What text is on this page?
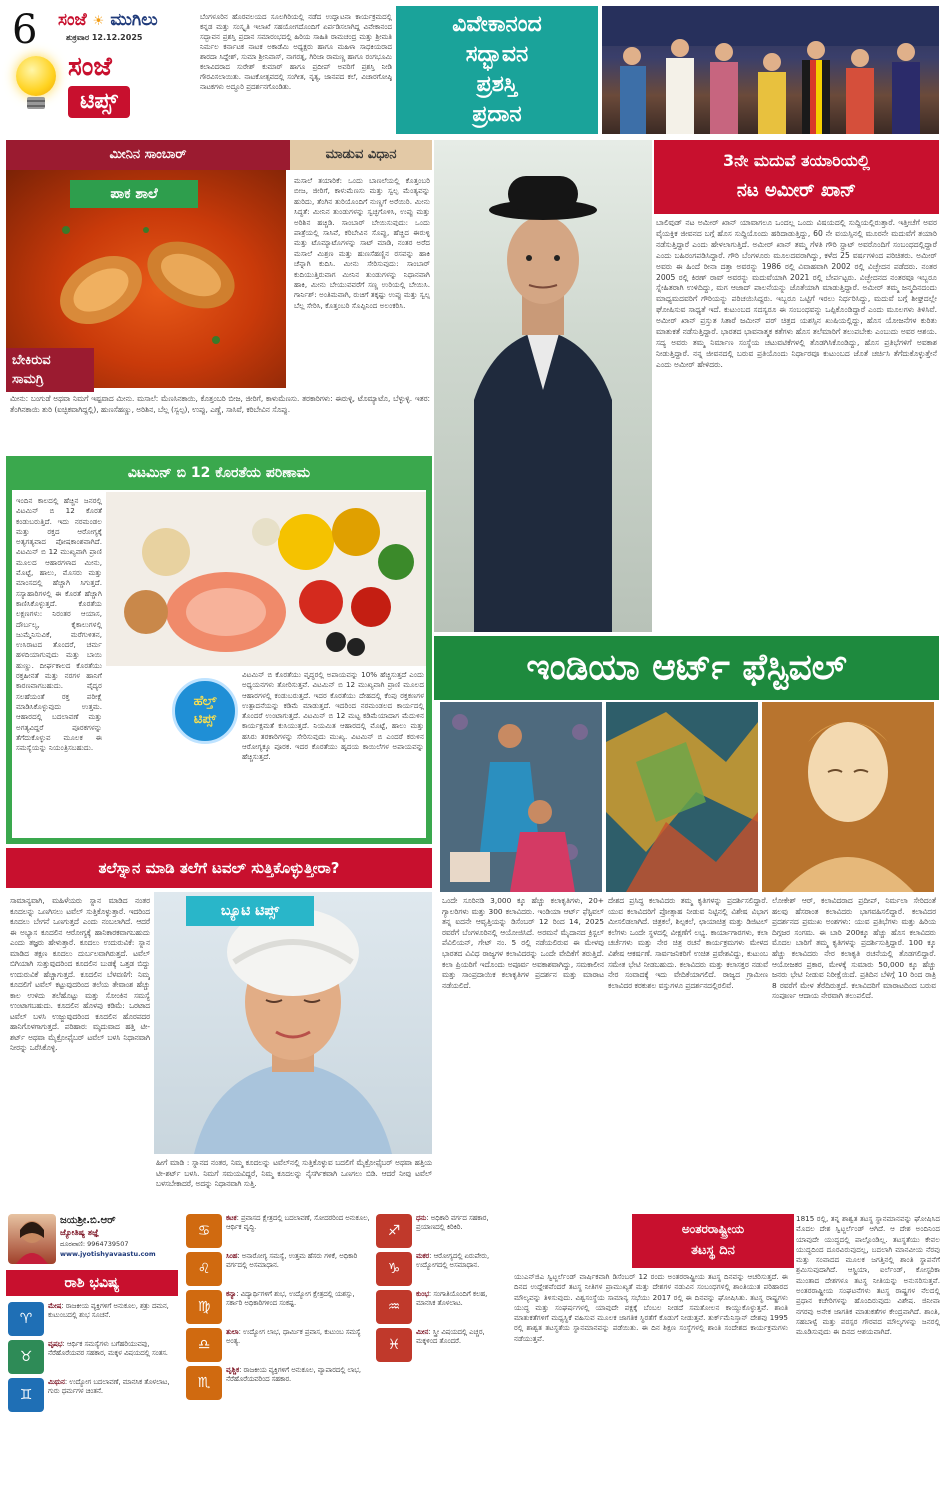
6 ಸಂಜೆ ☀ ಮುಗಿಲು
ಶುಕ್ರವಾರ 12.12.2025
ಸಂಜೆ
ಟಿಪ್ಸ್
ಬೆಂಗಳೂರಿನ ಹೊರವಲಯದ ಸೂಲಗಿರಿಯಲ್ಲಿ ನಡೆದ ಉದ್ಘಾಟನಾ ಕಾರ್ಯಕ್ರಮದಲ್ಲಿ ಕನ್ನಡ ಮತ್ತು ಸಂಸ್ಕೃತಿ ಇಲಾಖೆ ಸಹಯೋಗದೊಂದಿಗೆ ಏರ್ಪಡಿಸಲಾಗಿದ್ದ ವಿವೇಕಾನಂದ ಸದ್ಭಾವನ ಪ್ರಶಸ್ತಿ ಪ್ರದಾನ ಸಮಾರಂಭದಲ್ಲಿ ಹಿರಿಯ ಸಾಹಿತಿ ರಾಮಚಂದ್ರ ಮತ್ತು ಶ್ರೀಮತಿ ನಿರ್ಮಲ ಕರ್ನಾಟಕ ನಾಟಕ ಅಕಾಡೆಮಿ ಅಧ್ಯಕ್ಷರು ಹಾಗೂ ಮಹಿಳಾ ಸಾಧಕಿಯರಾದ ಶಾರದಾ ಸಿದ್ದೇಶ್, ಸುಮಾ ಶ್ರೀನಿವಾಸ್, ನಾಗರತ್ನ, ಗಿರಿಜಾ ರಾಮಣ್ಣ ಹಾಗೂ ರಂಗಭೂಮಿ ಕಲಾವಿದರಾದ ಸುರೇಶ್ ಕುಮಾರ್ ಹಾಗೂ ಪ್ರದೀಪ್ ಅವರಿಗೆ ಪ್ರಶಸ್ತಿ ನೀಡಿ ಗೌರವಿಸಲಾಯಿತು. ನಾಟಕೋತ್ಸವದಲ್ಲಿ ಸಂಗೀತ, ನೃತ್ಯ, ಜಾನಪದ ಕಲೆ, ವಿಚಾರಗೋಷ್ಠಿ ನಾಟಕಗಳು ಅದ್ಧೂರಿ ಪ್ರದರ್ಶನಗೊಂಡಿತು.
ವಿವೇಕಾನಂದ
ಸದ್ಭಾವನ
ಪ್ರಶಸ್ತಿ
ಪ್ರದಾನ
ಮೀನಿನ ಸಾಂಬಾರ್	ಮಾಡುವ ವಿಧಾನ
ಪಾಕ ಶಾಲೆ
ಬೇಕಿರುವ
ಸಾಮಗ್ರಿ
ಮಸಾಲೆ ತಯಾರಿಕೆ: ಒಂದು ಬಾಣಲೆಯಲ್ಲಿ ಕೊತ್ತಂಬರಿ ಬೀಜ, ಜೀರಿಗೆ, ಕಾಳುಮೆಣಸು ಮತ್ತು ಸ್ವಲ್ಪ ಮೆಂತ್ಯವನ್ನು ಹುರಿದು, ತೆಂಗಿನ ತುರಿಯೊಂದಿಗೆ ನುಣ್ಣಗೆ ಅರೆಯಿರಿ. ಮೀನು ಸಿದ್ಧತೆ: ಮೀನಿನ ತುಂಡುಗಳನ್ನು ಸ್ವಚ್ಛಗೊಳಿಸಿ, ಉಪ್ಪು ಮತ್ತು ಅರಿಶಿನ ಹಚ್ಚಿಡಿ. ಸಾಂಬಾರ್ ಬೇಯಿಸುವುದು: ಒಂದು ಪಾತ್ರೆಯಲ್ಲಿ ಸಾಸಿವೆ, ಕರಿಬೇವಿನ ಸೊಪ್ಪು, ಹೆಚ್ಚಿದ ಈರುಳ್ಳಿ ಮತ್ತು ಟೊಮ್ಯಾಟೊಗಳನ್ನು ಸಾಟ್ ಮಾಡಿ, ನಂತರ ಅರೆದ ಮಸಾಲೆ ಮಿಶ್ರಣ ಮತ್ತು ಹುಣಸೆಹಣ್ಣಿನ ರಸವನ್ನು ಹಾಕಿ ಚೆನ್ನಾಗಿ ಕುದಿಸಿ. ಮೀನು ಸೇರಿಸುವುದು: ಸಾಂಬಾರ್ ಕುದಿಯುತ್ತಿರುವಾಗ ಮೀನಿನ ತುಂಡುಗಳನ್ನು ನಿಧಾನವಾಗಿ ಹಾಕಿ, ಮೀನು ಬೇಯುವವರೆಗೆ ಸಣ್ಣ ಉರಿಯಲ್ಲಿ ಬೇಯಿಸಿ. ಗಾರ್ನಿಶ್: ಅಂತಿಮವಾಗಿ, ರುಚಿಗೆ ತಕ್ಕಷ್ಟು ಉಪ್ಪು ಮತ್ತು ಸ್ವಲ್ಪ ಬೆಲ್ಲ ಸೇರಿಸಿ, ಕೊತ್ತಂಬರಿ ಸೊಪ್ಪಿನಿಂದ ಅಲಂಕರಿಸಿ.
ಮೀನು: ಬಂಗುಡೆ ಅಥವಾ ನಿಮಗೆ ಇಷ್ಟವಾದ ಮೀನು. ಮಸಾಲೆ: ಮೆಣಸಿನಕಾಯಿ, ಕೊತ್ತಂಬರಿ ಬೀಜ, ಜೀರಿಗೆ, ಕಾಳುಮೆಣಸು. ತರಕಾರಿಗಳು: ಈರುಳ್ಳಿ, ಟೊಮ್ಯಾಟೊ, ಬೆಳ್ಳುಳ್ಳಿ. ಇತರ: ತೆಂಗಿನಕಾಯಿ ತುರಿ (ಐಚ್ಛಿಕವಾಗಿದ್ದಲ್ಲಿ), ಹುಣಸೆಹಣ್ಣು, ಅರಿಶಿನ, ಬೆಲ್ಲ (ಸ್ವಲ್ಪ), ಉಪ್ಪು, ಎಣ್ಣೆ, ಸಾಸಿವೆ, ಕರಿಬೇವಿನ ಸೊಪ್ಪು.
3ನೇ ಮದುವೆ ತಯಾರಿಯಲ್ಲಿ
ನಟ ಅಮೀರ್ ಖಾನ್
ಬಾಲಿವುಡ್ ನಟ ಅಮೀರ್ ಖಾನ್ ಯಾವಾಗಲೂ ಒಂದಲ್ಲ ಒಂದು ವಿಷಯದಲ್ಲಿ ಸುದ್ದಿಯಲ್ಲಿರುತ್ತಾರೆ. ಇತ್ತೀಚೆಗೆ ಅವರ ವೈಯಕ್ತಿಕ ಜೀವನದ ಬಗ್ಗೆ ಹೊಸ ಸುದ್ದಿಯೊಂದು ಹರಿದಾಡುತ್ತಿದ್ದು, 60 ನೇ ವಯಸ್ಸಿನಲ್ಲಿ ಮೂರನೇ ಮದುವೆಗೆ ತಯಾರಿ ನಡೆಸುತ್ತಿದ್ದಾರೆ ಎಂದು ಹೇಳಲಾಗುತ್ತಿದೆ. ಅಮೀರ್ ಖಾನ್ ತಮ್ಮ ಗೆಳತಿ ಗೌರಿ ಸ್ಪ್ರಾಟ್ ಅವರೊಂದಿಗೆ ಸಂಬಂಧದಲ್ಲಿದ್ದಾರೆ ಎಂದು ಬಹಿರಂಗಪಡಿಸಿದ್ದಾರೆ. ಗೌರಿ ಬೆಂಗಳೂರು ಮೂಲದವರಾಗಿದ್ದು, ಕಳೆದ 25 ವರ್ಷಗಳಿಂದ ಪರಿಚಿತರು. ಅಮೀರ್ ಅವರು ಈ ಹಿಂದೆ ರೀನಾ ದತ್ತಾ ಅವರನ್ನು 1986 ರಲ್ಲಿ ವಿವಾಹವಾಗಿ 2002 ರಲ್ಲಿ ವಿಚ್ಛೇದನ ಪಡೆದರು. ನಂತರ 2005 ರಲ್ಲಿ ಕಿರಣ್ ರಾವ್ ಅವರನ್ನು ಮದುವೆಯಾಗಿ 2021 ರಲ್ಲಿ ಬೇರ್ಪಟ್ಟರು. ವಿಚ್ಛೇದನದ ನಂತರವೂ ಇಬ್ಬರೂ ಸ್ನೇಹಿತರಾಗಿ ಉಳಿದಿದ್ದು, ಮಗ ಆಜಾದ್ ಪಾಲನೆಯನ್ನು ಜೊತೆಯಾಗಿ ಮಾಡುತ್ತಿದ್ದಾರೆ. ಅಮೀರ್ ತಮ್ಮ ಜನ್ಮದಿನದಂದು ಮಾಧ್ಯಮದವರಿಗೆ ಗೌರಿಯನ್ನು ಪರಿಚಯಿಸಿದ್ದರು. ಇಬ್ಬರೂ ಒಟ್ಟಿಗೆ ಇರಲು ನಿರ್ಧರಿಸಿದ್ದು, ಮದುವೆ ಬಗ್ಗೆ ಶೀಘ್ರದಲ್ಲೇ ಘೋಷಿಸುವ ಸಾಧ್ಯತೆ ಇದೆ. ಕುಟುಂಬದ ಸದಸ್ಯರೂ ಈ ಸಂಬಂಧವನ್ನು ಒಪ್ಪಿಕೊಂಡಿದ್ದಾರೆ ಎಂದು ಮೂಲಗಳು ತಿಳಿಸಿವೆ. ಅಮೀರ್ ಖಾನ್ ಪ್ರಸ್ತುತ ಸಿತಾರೆ ಜಮೀನ್ ಪರ್ ಚಿತ್ರದ ಯಶಸ್ಸಿನ ಖುಷಿಯಲ್ಲಿದ್ದು, ಹೊಸ ಯೋಜನೆಗಳ ಕುರಿತು ಮಾತುಕತೆ ನಡೆಸುತ್ತಿದ್ದಾರೆ. ಭಾರತದ ಭಾವನಾತ್ಮಕ ಕತೆಗಳು ಹೊಸ ತಲೆಮಾರಿಗೆ ತಲುಪಬೇಕು ಎಂಬುದು ಅವರ ಆಶಯ. ಸದ್ಯ ಅವರು ತಮ್ಮ ನಿರ್ಮಾಣ ಸಂಸ್ಥೆಯ ಚಟುವಟಿಕೆಗಳಲ್ಲಿ ತೊಡಗಿಸಿಕೊಂಡಿದ್ದು, ಹೊಸ ಪ್ರತಿಭೆಗಳಿಗೆ ಅವಕಾಶ ನೀಡುತ್ತಿದ್ದಾರೆ. ನನ್ನ ಜೀವನದಲ್ಲಿ ಬರುವ ಪ್ರತಿಯೊಂದು ನಿರ್ಧಾರವೂ ಕುಟುಂಬದ ಜೊತೆ ಚರ್ಚಿಸಿ ತೆಗೆದುಕೊಳ್ಳುತ್ತೇನೆ ಎಂದು ಅಮೀರ್ ಹೇಳಿದರು.
ವಿಟಮಿನ್ ಬಿ 12 ಕೊರತೆಯ ಪರಿಣಾಮ
ಇಂದಿನ ಕಾಲದಲ್ಲಿ ಹೆಚ್ಚಿನ ಜನರಲ್ಲಿ ವಿಟಮಿನ್ ಬಿ 12 ಕೊರತೆ ಕಂಡುಬರುತ್ತಿದೆ. ಇದು ನರಮಂಡಲ ಮತ್ತು ರಕ್ತದ ಆರೋಗ್ಯಕ್ಕೆ ಅತ್ಯಗತ್ಯವಾದ ಪೋಷಕಾಂಶವಾಗಿದೆ. ವಿಟಮಿನ್ ಬಿ 12 ಮುಖ್ಯವಾಗಿ ಪ್ರಾಣಿ ಮೂಲದ ಆಹಾರಗಳಾದ ಮೀನು, ಮೊಟ್ಟೆ, ಹಾಲು, ಮೊಸರು ಮತ್ತು ಮಾಂಸದಲ್ಲಿ ಹೆಚ್ಚಾಗಿ ಸಿಗುತ್ತದೆ. ಸಸ್ಯಾಹಾರಿಗಳಲ್ಲಿ ಈ ಕೊರತೆ ಹೆಚ್ಚಾಗಿ ಕಾಣಿಸಿಕೊಳ್ಳುತ್ತದೆ. ಕೊರತೆಯ ಲಕ್ಷಣಗಳು: ನಿರಂತರ ಆಯಾಸ, ದೌರ್ಬಲ್ಯ, ಕೈಕಾಲುಗಳಲ್ಲಿ ಜುಮ್ಮೆನಿಸುವಿಕೆ, ಮರೆಗುಳಿತನ, ಉಸಿರಾಟದ ತೊಂದರೆ, ಚರ್ಮ ಹಳದಿಯಾಗುವುದು ಮತ್ತು ಬಾಯಿ ಹುಣ್ಣು. ದೀರ್ಘಕಾಲದ ಕೊರತೆಯು ರಕ್ತಹೀನತೆ ಮತ್ತು ನರಗಳ ಹಾನಿಗೆ ಕಾರಣವಾಗಬಹುದು. ವೈದ್ಯರ ಸಲಹೆಯಂತೆ ರಕ್ತ ಪರೀಕ್ಷೆ ಮಾಡಿಸಿಕೊಳ್ಳುವುದು ಉತ್ತಮ. ಆಹಾರದಲ್ಲಿ ಬದಲಾವಣೆ ಮತ್ತು ಅಗತ್ಯವಿದ್ದರೆ ಪೂರಕಗಳನ್ನು ತೆಗೆದುಕೊಳ್ಳುವ ಮೂಲಕ ಈ ಸಮಸ್ಯೆಯನ್ನು ನಿಯಂತ್ರಿಸಬಹುದು.
ಹೆಲ್ತ್
ಟಿಪ್ಸ್
ವಿಟಮಿನ್ ಬಿ ಕೊರತೆಯು ವೃದ್ಧರಲ್ಲಿ ಅಪಾಯವನ್ನು 10% ಹೆಚ್ಚಿಸುತ್ತದೆ ಎಂದು ಅಧ್ಯಯನಗಳು ತೋರಿಸುತ್ತವೆ. ವಿಟಮಿನ್ ಬಿ 12 ಮುಖ್ಯವಾಗಿ ಪ್ರಾಣಿ ಮೂಲದ ಆಹಾರಗಳಲ್ಲಿ ಕಂಡುಬರುತ್ತದೆ. ಇದರ ಕೊರತೆಯು ದೇಹದಲ್ಲಿ ಕೆಂಪು ರಕ್ತಕಣಗಳ ಉತ್ಪಾದನೆಯನ್ನು ಕಡಿಮೆ ಮಾಡುತ್ತದೆ. ಇದರಿಂದ ನರಮಂಡಲದ ಕಾರ್ಯದಲ್ಲಿ ತೊಂದರೆ ಉಂಟಾಗುತ್ತದೆ. ವಿಟಮಿನ್ ಬಿ 12 ಮಟ್ಟ ಕಡಿಮೆಯಾದಾಗ ಮೆದುಳಿನ ಕಾರ್ಯಕ್ಷಮತೆ ಕುಸಿಯುತ್ತದೆ. ನಿಯಮಿತ ಆಹಾರದಲ್ಲಿ ಮೊಟ್ಟೆ, ಹಾಲು ಮತ್ತು ಹಸಿರು ತರಕಾರಿಗಳನ್ನು ಸೇರಿಸುವುದು ಮುಖ್ಯ. ವಿಟಮಿನ್ ಬಿ ಎಂದರೆ ಕರುಳಿನ ಆರೋಗ್ಯಕ್ಕೂ ಪೂರಕ. ಇದರ ಕೊರತೆಯು ಹೃದಯ ಕಾಯಿಲೆಗಳ ಅಪಾಯವನ್ನು ಹೆಚ್ಚಿಸುತ್ತದೆ.
ಇಂಡಿಯಾ ಆರ್ಟ್ ಫೆಸ್ಟಿವಲ್
ಒಂದೇ ಸೂರಿನಡಿ 3,000 ಕ್ಕೂ ಹೆಚ್ಚು ಕಲಾಕೃತಿಗಳು, 20+ ಗ್ಯಾಲರಿಗಳು ಮತ್ತು 300 ಕಲಾವಿದರು. ಇಂಡಿಯಾ ಆರ್ಟ್ ಫೆಸ್ಟಿವಲ್ ತನ್ನ ಐದನೇ ಆವೃತ್ತಿಯನ್ನು ಡಿಸೆಂಬರ್ 12 ರಿಂದ 14, 2025 ರವರೆಗೆ ಬೆಂಗಳೂರಿನಲ್ಲಿ ಆಯೋಜಿಸಿದೆ. ಅರಮನೆ ಮೈದಾನದ ಕ್ರಿಸ್ಟಲ್ ಪೆವಿಲಿಯನ್, ಗೇಟ್ ನಂ. 5 ರಲ್ಲಿ ನಡೆಯಲಿರುವ ಈ ಮೇಳವು ಭಾರತದ ವಿವಿಧ ರಾಜ್ಯಗಳ ಕಲಾವಿದರನ್ನು ಒಂದೇ ವೇದಿಕೆಗೆ ತರುತ್ತಿದೆ. ಕಲಾ ಪ್ರಿಯರಿಗೆ ಇದೊಂದು ಅಪೂರ್ವ ಅವಕಾಶವಾಗಿದ್ದು, ಸಮಕಾಲೀನ ಮತ್ತು ಸಾಂಪ್ರದಾಯಿಕ ಕಲಾಕೃತಿಗಳ ಪ್ರದರ್ಶನ ಮತ್ತು ಮಾರಾಟ ನಡೆಯಲಿದೆ.
ದೇಶದ ಪ್ರಸಿದ್ಧ ಕಲಾವಿದರು ತಮ್ಮ ಕೃತಿಗಳನ್ನು ಪ್ರದರ್ಶಿಸಲಿದ್ದಾರೆ. ಯುವ ಕಲಾವಿದರಿಗೆ ಪ್ರೋತ್ಸಾಹ ನೀಡುವ ನಿಟ್ಟಿನಲ್ಲಿ ವಿಶೇಷ ವಿಭಾಗ ಮೀಸಲಿಡಲಾಗಿದೆ. ಚಿತ್ರಕಲೆ, ಶಿಲ್ಪಕಲೆ, ಛಾಯಾಚಿತ್ರ ಮತ್ತು ಡಿಜಿಟಲ್ ಕಲೆಗಳು ಒಂದೇ ಸ್ಥಳದಲ್ಲಿ ವೀಕ್ಷಣೆಗೆ ಲಭ್ಯ. ಕಾರ್ಯಾಗಾರಗಳು, ಕಲಾ ಚರ್ಚೆಗಳು ಮತ್ತು ನೇರ ಚಿತ್ರ ರಚನೆ ಕಾರ್ಯಕ್ರಮಗಳು ಮೇಳದ ವಿಶೇಷ ಆಕರ್ಷಣೆ. ಸಾರ್ವಜನಿಕರಿಗೆ ಉಚಿತ ಪ್ರವೇಶವಿದ್ದು, ಕುಟುಂಬ ಸಮೇತ ಭೇಟಿ ನೀಡಬಹುದು. ಕಲಾವಿದರು ಮತ್ತು ಕಲಾಸಕ್ತರ ನಡುವೆ ನೇರ ಸಂವಾದಕ್ಕೆ ಇದು ವೇದಿಕೆಯಾಗಲಿದೆ. ರಾಜ್ಯದ ಗ್ರಾಮೀಣ ಕಲಾವಿದರ ಕರಕುಶಲ ವಸ್ತುಗಳೂ ಪ್ರದರ್ಶನದಲ್ಲಿರಲಿವೆ.
ಲೋಕೇಶ್ ಆರ್, ಕಲಾವಿದರಾದ ಪ್ರದೀಪ್, ನಿರ್ಮಲಾ ಸೇರಿದಂತೆ ಹಲವು ಹೆಸರಾಂತ ಕಲಾವಿದರು ಭಾಗವಹಿಸಲಿದ್ದಾರೆ. ಕಲಾವಿದರ ಪ್ರದರ್ಶನದ ಪ್ರಮುಖ ಅಂಶಗಳು: ಯುವ ಪ್ರತಿಭೆಗಳು ಮತ್ತು ಹಿರಿಯ ದಿಗ್ಗಜರ ಸಂಗಮ. ಈ ಬಾರಿ 200ಕ್ಕೂ ಹೆಚ್ಚು ಹೊಸ ಕಲಾವಿದರು ಮೊದಲ ಬಾರಿಗೆ ತಮ್ಮ ಕೃತಿಗಳನ್ನು ಪ್ರದರ್ಶಿಸುತ್ತಿದ್ದಾರೆ. 100 ಕ್ಕೂ ಹೆಚ್ಚು ಕಲಾವಿದರು ನೇರ ಕಲಾಕೃತಿ ರಚನೆಯಲ್ಲಿ ತೊಡಗಲಿದ್ದಾರೆ. ಆಯೋಜಕರ ಪ್ರಕಾರ, ಮೇಳಕ್ಕೆ ಸುಮಾರು 50,000 ಕ್ಕೂ ಹೆಚ್ಚು ಜನರು ಭೇಟಿ ನೀಡುವ ನಿರೀಕ್ಷೆಯಿದೆ. ಪ್ರತಿದಿನ ಬೆಳಿಗ್ಗೆ 10 ರಿಂದ ರಾತ್ರಿ 8 ರವರೆಗೆ ಮೇಳ ತೆರೆದಿರುತ್ತದೆ. ಕಲಾವಿದರಿಗೆ ಮಾರಾಟದಿಂದ ಬರುವ ಸಂಪೂರ್ಣ ಆದಾಯ ನೇರವಾಗಿ ತಲುಪಲಿದೆ.
ತಲೆಸ್ನಾನ ಮಾಡಿ ತಲೆಗೆ ಟವಲ್ ಸುತ್ತಿಕೊಳ್ಳುತ್ತೀರಾ?
ಸಾಮಾನ್ಯವಾಗಿ, ಮಹಿಳೆಯರು ಸ್ನಾನ ಮಾಡಿದ ನಂತರ ಕೂದಲನ್ನು ಒಣಗಿಸಲು ಟವೆಲ್ ಸುತ್ತಿಕೊಳ್ಳುತ್ತಾರೆ. ಇದರಿಂದ ಕೂದಲು ಬೇಗನೆ ಒಣಗುತ್ತದೆ ಎಂದು ನಂಬಲಾಗಿದೆ. ಆದರೆ ಈ ಅಭ್ಯಾಸ ಕೂದಲಿನ ಆರೋಗ್ಯಕ್ಕೆ ಹಾನಿಕಾರಕವಾಗಬಹುದು ಎಂದು ತಜ್ಞರು ಹೇಳುತ್ತಾರೆ. ಕೂದಲು ಉದುರುವಿಕೆ: ಸ್ನಾನ ಮಾಡಿದ ತಕ್ಷಣ ಕೂದಲು ದುರ್ಬಲವಾಗಿರುತ್ತದೆ. ಟವೆಲ್ ಬಿಗಿಯಾಗಿ ಸುತ್ತುವುದರಿಂದ ಕೂದಲಿನ ಬುಡಕ್ಕೆ ಒತ್ತಡ ಬಿದ್ದು ಉದುರುವಿಕೆ ಹೆಚ್ಚಾಗುತ್ತದೆ. ಕೂದಲಿನ ಬೆಳವಣಿಗೆ: ನಿಮ್ಮ ಕೂದಲಿಗೆ ಟವೆಲ್ ಕಟ್ಟುವುದರಿಂದ ತಲೆಯ ತೇವಾಂಶ ಹೆಚ್ಚು ಕಾಲ ಉಳಿದು ತಲೆಹೊಟ್ಟು ಮತ್ತು ಸೋಂಕಿನ ಸಮಸ್ಯೆ ಉಂಟಾಗಬಹುದು. ಕೂದಲಿನ ಹೊಳಪು ಕಡಿಮೆ: ಒರಟಾದ ಟವೆಲ್ ಬಳಸಿ ಉಜ್ಜುವುದರಿಂದ ಕೂದಲಿನ ಹೊರಪದರ ಹಾನಿಗೊಳಗಾಗುತ್ತದೆ. ಪರಿಹಾರ: ಮೃದುವಾದ ಹತ್ತಿ ಟೀ-ಶರ್ಟ್ ಅಥವಾ ಮೈಕ್ರೋಫೈಬರ್ ಟವೆಲ್ ಬಳಸಿ ನಿಧಾನವಾಗಿ ನೀರನ್ನು ಒರೆಸಿಕೊಳ್ಳಿ.
ಬ್ಯೂಟಿ ಟಿಪ್ಸ್
ಹೀಗೆ ಮಾಡಿ : ಸ್ನಾನದ ನಂತರ, ನಿಮ್ಮ ಕೂದಲನ್ನು ಟವೆಲ್‌ನಲ್ಲಿ ಸುತ್ತಿಕೊಳ್ಳುವ ಬದಲಿಗೆ ಮೈಕ್ರೋಫೈಬರ್ ಅಥವಾ ಹತ್ತಿಯ ಟೀ-ಶರ್ಟ್ ಬಳಸಿ. ನಿಮಗೆ ಸಮಯವಿದ್ದರೆ, ನಿಮ್ಮ ಕೂದಲನ್ನು ನೈಸರ್ಗಿಕವಾಗಿ ಒಣಗಲು ಬಿಡಿ. ಆದರೆ ನೀವು ಟವೆಲ್ ಬಳಸಬೇಕಾದರೆ, ಅದನ್ನು ನಿಧಾನವಾಗಿ ಸುತ್ತಿ.
ಜಯಶ್ರೀ.ಬಿ.ಆರ್
ಜ್ಯೋತಿಷ್ಯ ತಜ್ಞೆ
ದೂರವಾಣಿ: 9964739507
www.jyotishyavaastu.com
ರಾಶಿ ಭವಿಷ್ಯ
♈
ಮೇಷ: ರಾಜಕೀಯ ವ್ಯಕ್ತಿಗಳಿಗೆ ಅನುಕೂಲ, ಶತ್ರು ದಮನ, ಕುಟುಂಬದಲ್ಲಿ ಶುಭ ಸೂಚನೆ.
♉
ವೃಷಭ: ಆರ್ಥಿಕ ಸಮಸ್ಯೆಗಳು ಬಗೆಹರಿಯುವವು, ನೆರೆಹೊರೆಯವರ ಸಹಕಾರ, ಮಕ್ಕಳ ವಿಷಯದಲ್ಲಿ ಸಂತಸ.
♊
ಮಿಥುನ: ಉದ್ಯೋಗ ಬದಲಾವಣೆ, ಮಾನಸಿಕ ತೊಳಲಾಟ, ಗುರು ಧರ್ಮಗಳ ಚಿಂತನೆ.
♋
ಕಟಕ: ಪ್ರವಾಸದ ಕ್ಷೇತ್ರದಲ್ಲಿ ಬದಲಾವಣೆ, ಸೋದರರಿಂದ ಅನುಕೂಲ, ಆರ್ಥಿಕ ವೃದ್ಧಿ.
♌
ಸಿಂಹ: ಅನಾರೋಗ್ಯ ಸಮಸ್ಯೆ, ಉತ್ತಮ ಹೆಸರು ಗಳಿಕೆ, ಅಧಿಕಾರಿ ವರ್ಗದಲ್ಲಿ ಅಸಮಾಧಾನ.
♍
ಕನ್ಯಾ: ವಿದ್ಯಾರ್ಥಿಗಳಿಗೆ ಶುಭ, ಉದ್ಯೋಗ ಕ್ಷೇತ್ರದಲ್ಲಿ ಯಶಸ್ಸು, ಸರ್ಕಾರಿ ಅಧಿಕಾರಿಗಳಿಂದ ಸಂಕಷ್ಟ.
♎
ತುಲಾ: ಉದ್ಯೋಗ ಲಾಭ, ಧಾರ್ಮಿಕ ಪ್ರವಾಸ, ಕುಟುಂಬ ಸಮಸ್ಯೆ ಅಂತ್ಯ.
♏
ವೃಶ್ಚಿಕ: ರಾಜಕೀಯ ವ್ಯಕ್ತಿಗಳಿಗೆ ಅನುಕೂಲ, ವ್ಯಾಪಾರದಲ್ಲಿ ಲಾಭ, ನೆರೆಹೊರೆಯವರಿಂದ ಸಹಕಾರ.
♐
ಧನು: ಅಧಿಕಾರಿ ವರ್ಗದ ಸಹಕಾರ, ಪ್ರಯಾಣದಲ್ಲಿ ಕಿರಿಕಿರಿ.
♑
ಮಕರ: ಆರೋಗ್ಯದಲ್ಲಿ ಏರುಪೇರು, ಉದ್ಯೋಗದಲ್ಲಿ ಅಸಮಾಧಾನ.
♒
ಕುಂಭ: ಸಂಗಾತಿಯೊಂದಿಗೆ ಕಲಹ, ಮಾನಸಿಕ ತೊಳಲಾಟ.
♓
ಮೀನ: ಸ್ತ್ರೀ ವಿಷಯದಲ್ಲಿ ಎಚ್ಚರ, ಮಕ್ಕಳಿಂದ ತೊಂದರೆ.
ಅಂತರರಾಷ್ಟ್ರೀಯ
ತಟಸ್ಥ ದಿನ
ಯುಎನ್‌ಜಿಎ ಸ್ವಿಟ್ಜರ್ಲೆಂಡ್ ವಾರ್ಷಿಕವಾಗಿ ಡಿಸೆಂಬರ್ 12 ರಂದು ಅಂತರರಾಷ್ಟ್ರೀಯ ತಟಸ್ಥ ದಿನವನ್ನು ಆಚರಿಸುತ್ತದೆ. ಈ ದಿನದ ಉದ್ದೇಶವೆಂದರೆ ತಟಸ್ಥ ನೀತಿಗಳ ಪ್ರಾಮುಖ್ಯತೆ ಮತ್ತು ದೇಶಗಳ ನಡುವಿನ ಸಂಬಂಧಗಳಲ್ಲಿ ಶಾಂತಿಯುತ ಪರಿಹಾರದ ಮೌಲ್ಯವನ್ನು ತಿಳಿಸುವುದು. ವಿಶ್ವಸಂಸ್ಥೆಯ ಸಾಮಾನ್ಯ ಸಭೆಯು 2017 ರಲ್ಲಿ ಈ ದಿನವನ್ನು ಘೋಷಿಸಿತು. ತಟಸ್ಥ ರಾಷ್ಟ್ರಗಳು ಯುದ್ಧ ಮತ್ತು ಸಂಘರ್ಷಗಳಲ್ಲಿ ಯಾವುದೇ ಪಕ್ಷಕ್ಕೆ ಬೆಂಬಲ ನೀಡದೆ ಸಮತೋಲನ ಕಾಯ್ದುಕೊಳ್ಳುತ್ತವೆ. ಶಾಂತಿ ಮಾತುಕತೆಗಳಿಗೆ ಮಧ್ಯಸ್ಥಿಕೆ ವಹಿಸುವ ಮೂಲಕ ಜಾಗತಿಕ ಸ್ಥಿರತೆಗೆ ಕೊಡುಗೆ ನೀಡುತ್ತವೆ. ತುರ್ಕ್‌ಮೆನಿಸ್ತಾನ್ ದೇಶವು 1995 ರಲ್ಲಿ ಶಾಶ್ವತ ತಟಸ್ಥತೆಯ ಸ್ಥಾನಮಾನವನ್ನು ಪಡೆಯಿತು. ಈ ದಿನ ಶಿಕ್ಷಣ ಸಂಸ್ಥೆಗಳಲ್ಲಿ ಶಾಂತಿ ಸಂದೇಶದ ಕಾರ್ಯಕ್ರಮಗಳು ನಡೆಯುತ್ತವೆ.
1815 ರಲ್ಲಿ, ತನ್ನ ಶಾಶ್ವತ ತಟಸ್ಥ ಸ್ಥಾನಮಾನವನ್ನು ಘೋಷಿಸಿದ ಮೊದಲ ದೇಶ ಸ್ವಿಟ್ಜರ್ಲೆಂಡ್ ಆಗಿದೆ. ಆ ದೇಶ ಅಂದಿನಿಂದ ಯಾವುದೇ ಯುದ್ಧದಲ್ಲಿ ಪಾಲ್ಗೊಂಡಿಲ್ಲ. ತಟಸ್ಥತೆಯು ಕೇವಲ ಯುದ್ಧದಿಂದ ದೂರವಿರುವುದಲ್ಲ, ಬದಲಾಗಿ ಮಾನವೀಯ ನೆರವು ಮತ್ತು ಸಂವಾದದ ಮೂಲಕ ಜಗತ್ತಿನಲ್ಲಿ ಶಾಂತಿ ಸ್ಥಾಪನೆಗೆ ಶ್ರಮಿಸುವುದಾಗಿದೆ. ಆಸ್ಟ್ರಿಯಾ, ಐರ್ಲೆಂಡ್, ಕೋಸ್ಟರಿಕಾ ಮುಂತಾದ ದೇಶಗಳೂ ತಟಸ್ಥ ನೀತಿಯನ್ನು ಅನುಸರಿಸುತ್ತವೆ. ಅಂತರರಾಷ್ಟ್ರೀಯ ಸಂಘಟನೆಗಳು ತಟಸ್ಥ ರಾಷ್ಟ್ರಗಳ ನೆಲದಲ್ಲಿ ಪ್ರಧಾನ ಕಚೇರಿಗಳನ್ನು ಹೊಂದಿರುವುದು ವಿಶೇಷ. ಜಿನೀವಾ ನಗರವು ಅನೇಕ ಜಾಗತಿಕ ಮಾತುಕತೆಗಳ ಕೇಂದ್ರವಾಗಿದೆ. ಶಾಂತಿ, ಸಹಬಾಳ್ವೆ ಮತ್ತು ಪರಸ್ಪರ ಗೌರವದ ಮೌಲ್ಯಗಳನ್ನು ಜನರಲ್ಲಿ ಮೂಡಿಸುವುದು ಈ ದಿನದ ಆಶಯವಾಗಿದೆ.
